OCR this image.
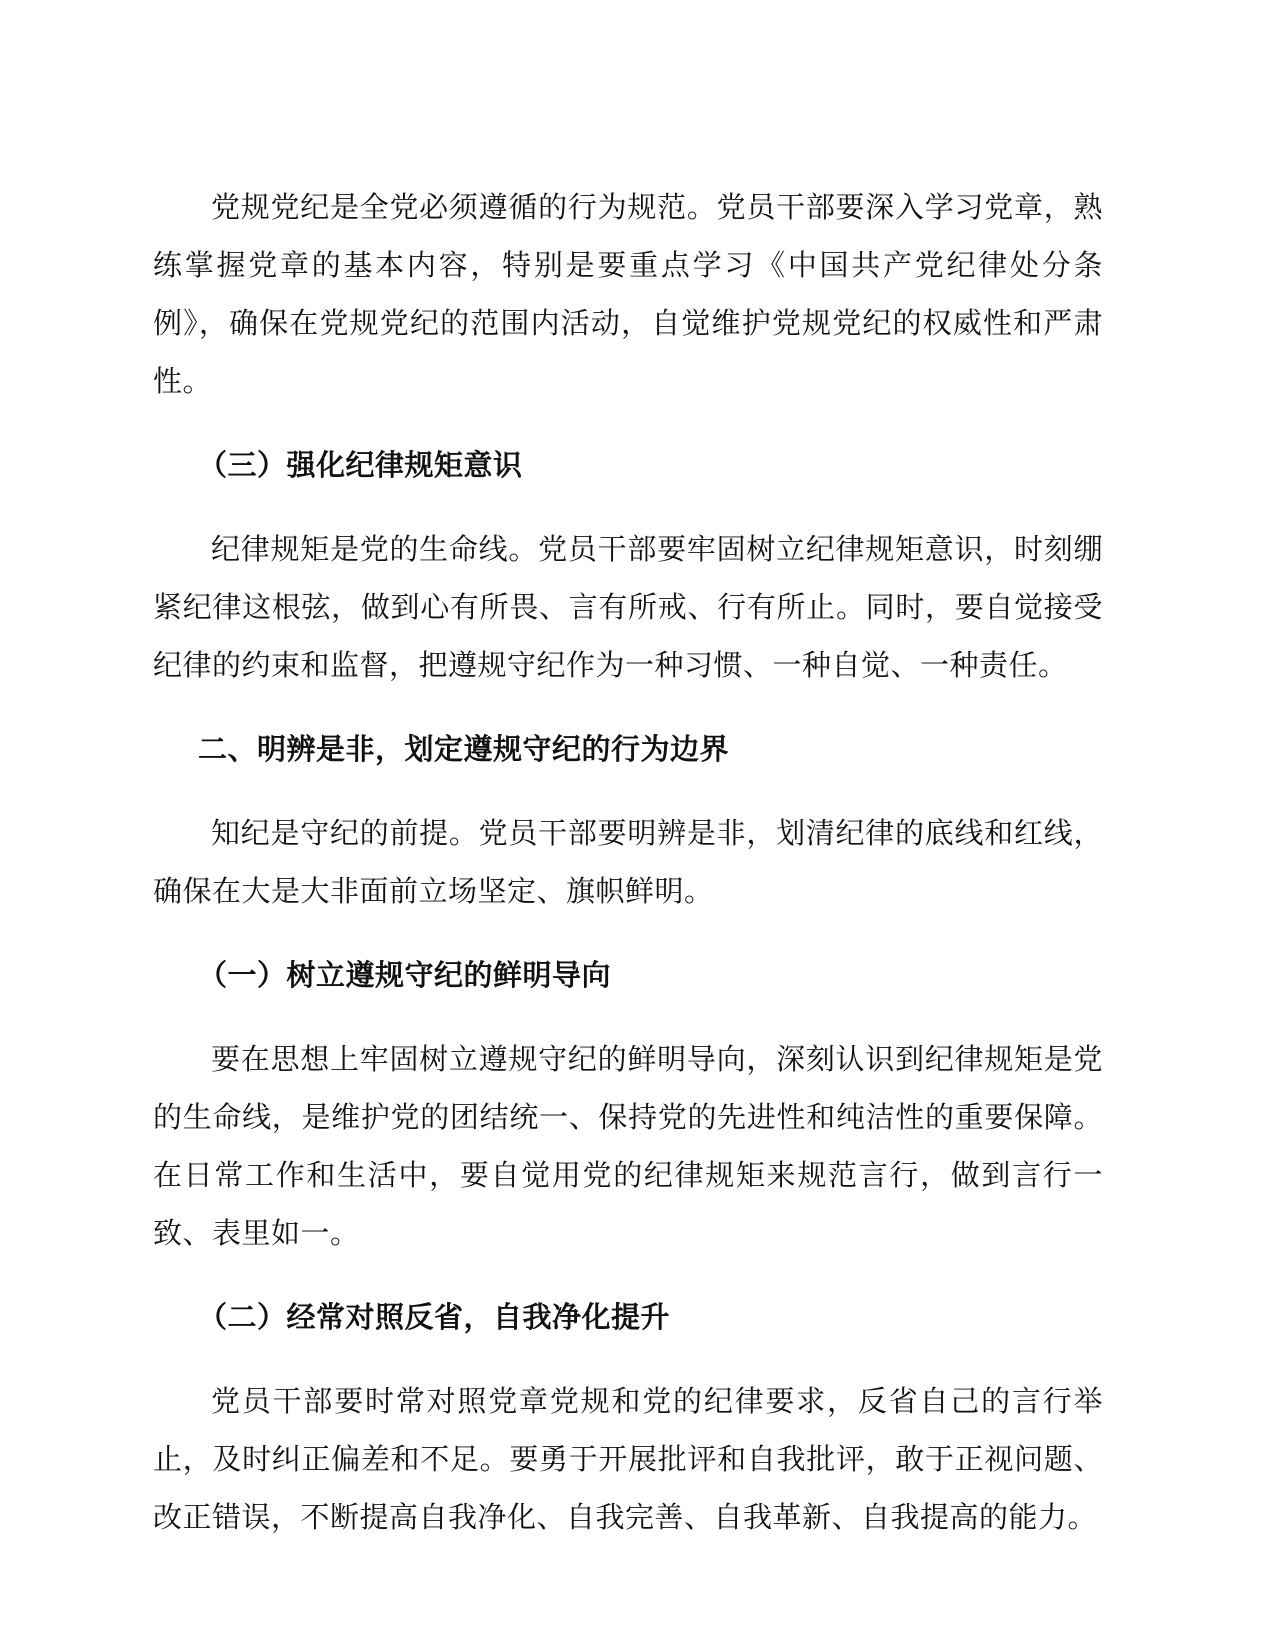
党规党纪是全党必须遵循的行为规范。党员干部要深入学习党章，熟练掌握党章的基本内容，特别是要重点学习《中国共产党纪律处分条例》，确保在党规党纪的范围内活动，自觉维护党规党纪的权威性和严肃性。

（三）强化纪律规矩意识

纪律规矩是党的生命线。党员干部要牢固树立纪律规矩意识，时刻绷紧纪律这根弦，做到心有所畏、言有所戒、行有所止。同时，要自觉接受纪律的约束和监督，把遵规守纪作为一种习惯、一种自觉、一种责任。

二、明辨是非，划定遵规守纪的行为边界

知纪是守纪的前提。党员干部要明辨是非，划清纪律的底线和红线，确保在大是大非面前立场坚定、旗帜鲜明。

（一）树立遵规守纪的鲜明导向

要在思想上牢固树立遵规守纪的鲜明导向，深刻认识到纪律规矩是党的生命线，是维护党的团结统一、保持党的先进性和纯洁性的重要保障。在日常工作和生活中，要自觉用党的纪律规矩来规范言行，做到言行一致、表里如一。

（二）经常对照反省，自我净化提升

党员干部要时常对照党章党规和党的纪律要求，反省自己的言行举止，及时纠正偏差和不足。要勇于开展批评和自我批评，敢于正视问题、改正错误，不断提高自我净化、自我完善、自我革新、自我提高的能力。
